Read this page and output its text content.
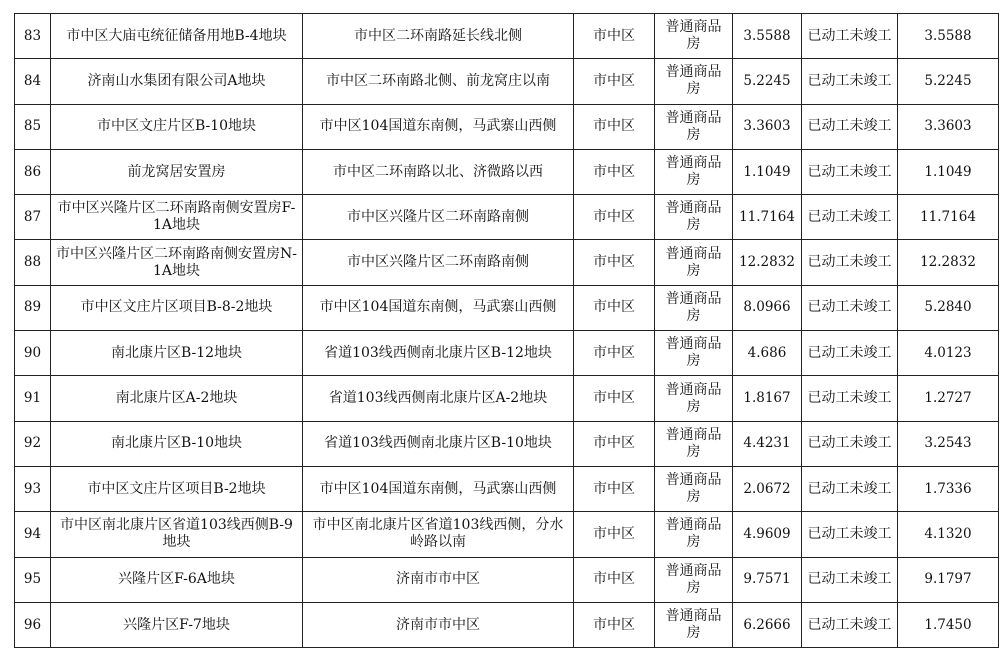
83	市中区大庙屯统征储备用地B-4地块	市中区二环南路延长线北侧	市中区	普通商品房	3.5588	已动工未竣工	3.5588
84	济南山水集团有限公司A地块	市中区二环南路北侧、前龙窝庄以南	市中区	普通商品房	5.2245	已动工未竣工	5.2245
85	市中区文庄片区B-10地块	市中区104国道东南侧，马武寨山西侧	市中区	普通商品房	3.3603	已动工未竣工	3.3603
86	前龙窝居安置房	市中区二环南路以北、济微路以西	市中区	普通商品房	1.1049	已动工未竣工	1.1049
87	市中区兴隆片区二环南路南侧安置房F-1A地块	市中区兴隆片区二环南路南侧	市中区	普通商品房	11.7164	已动工未竣工	11.7164
88	市中区兴隆片区二环南路南侧安置房N-1A地块	市中区兴隆片区二环南路南侧	市中区	普通商品房	12.2832	已动工未竣工	12.2832
89	市中区文庄片区项目B-8-2地块	市中区104国道东南侧，马武寨山西侧	市中区	普通商品房	8.0966	已动工未竣工	5.2840
90	南北康片区B-12地块	省道103线西侧南北康片区B-12地块	市中区	普通商品房	4.686	已动工未竣工	4.0123
91	南北康片区A-2地块	省道103线西侧南北康片区A-2地块	市中区	普通商品房	1.8167	已动工未竣工	1.2727
92	南北康片区B-10地块	省道103线西侧南北康片区B-10地块	市中区	普通商品房	4.4231	已动工未竣工	3.2543
93	市中区文庄片区项目B-2地块	市中区104国道东南侧，马武寨山西侧	市中区	普通商品房	2.0672	已动工未竣工	1.7336
94	市中区南北康片区省道103线西侧B-9地块	市中区南北康片区省道103线西侧，分水岭路以南	市中区	普通商品房	4.9609	已动工未竣工	4.1320
95	兴隆片区F-6A地块	济南市市中区	市中区	普通商品房	9.7571	已动工未竣工	9.1797
96	兴隆片区F-7地块	济南市市中区	市中区	普通商品房	6.2666	已动工未竣工	1.7450
